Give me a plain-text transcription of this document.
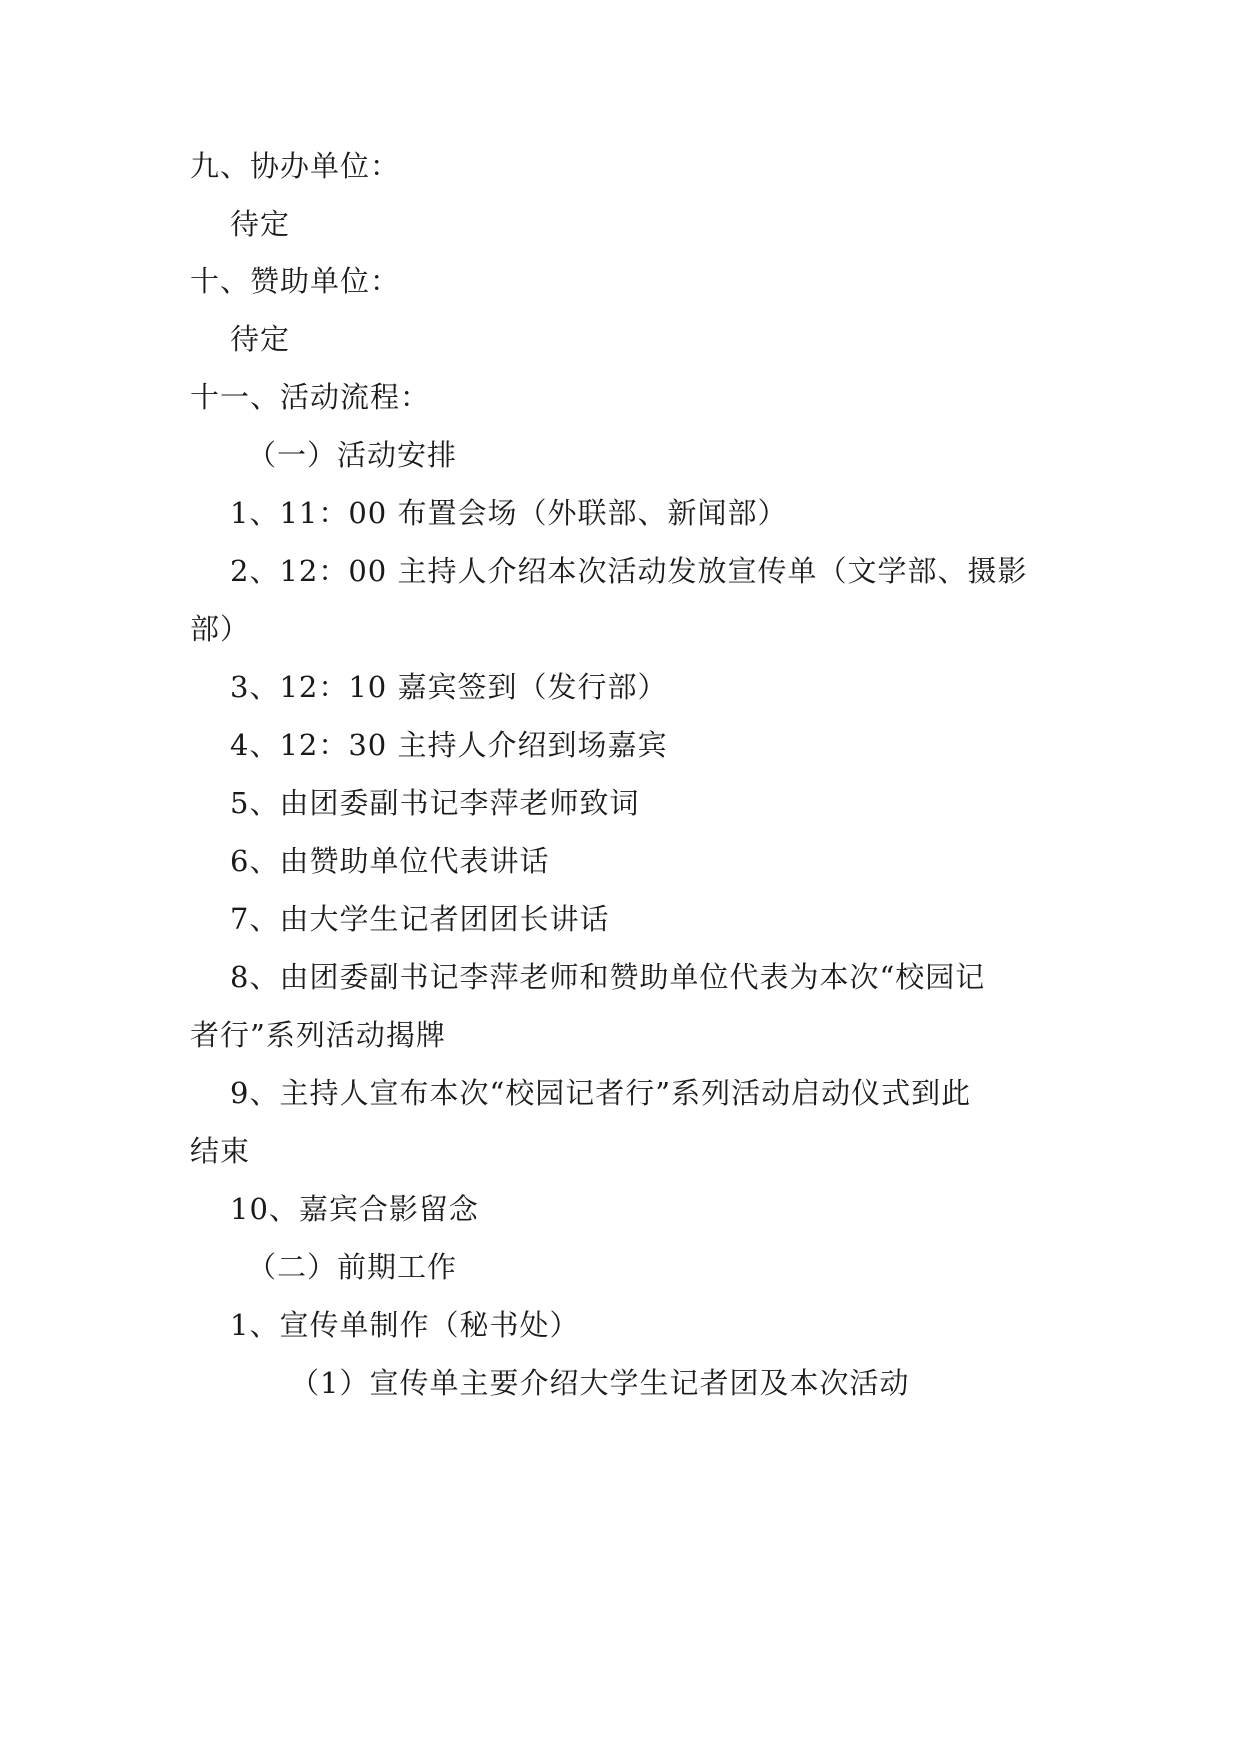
九、协办单位：
待定
十、赞助单位：
待定
十一、活动流程：
（一）活动安排
1、11：00 布置会场（外联部、新闻部）
2、12：00 主持人介绍本次活动发放宣传单（文学部、摄影
部）
3、12：10 嘉宾签到（发行部）
4、12：30 主持人介绍到场嘉宾
5、由团委副书记李萍老师致词
6、由赞助单位代表讲话
7、由大学生记者团团长讲话
8、由团委副书记李萍老师和赞助单位代表为本次“校园记
者行”系列活动揭牌
9、主持人宣布本次“校园记者行”系列活动启动仪式到此
结束
10、嘉宾合影留念
（二）前期工作
1、宣传单制作（秘书处）
（1）宣传单主要介绍大学生记者团及本次活动
